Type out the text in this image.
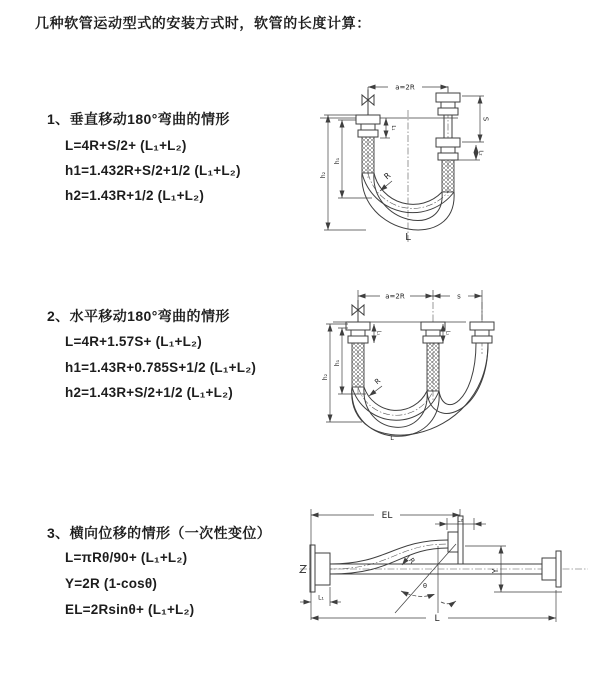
几种软管运动型式的安装方式时，软管的长度计算：
1、垂直移动180°弯曲的情形
L=4R+S/2+ (L₁+L₂)
h1=1.432R+S/2+1/2 (L₁+L₂)
h2=1.43R+1/2 (L₁+L₂)
a=2R
L₁
S
L₂
h₁
h₂	R
L
2、水平移动180°弯曲的情形
L=4R+1.57S+ (L₁+L₂)
h1=1.43R+0.785S+1/2 (L₁+L₂)
h2=1.43R+S/2+1/2 (L₁+L₂)
a=2R	s
L₁	L₂
h₁
h₂	R
L
3、横向位移的情形（一次性变位）
L=πRθ/90+ (L₁+L₂)
Y=2R (1-cosθ)
EL=2Rsinθ+ (L₁+L₂)
θ
EL	L₂
Y
R
L
L₁
